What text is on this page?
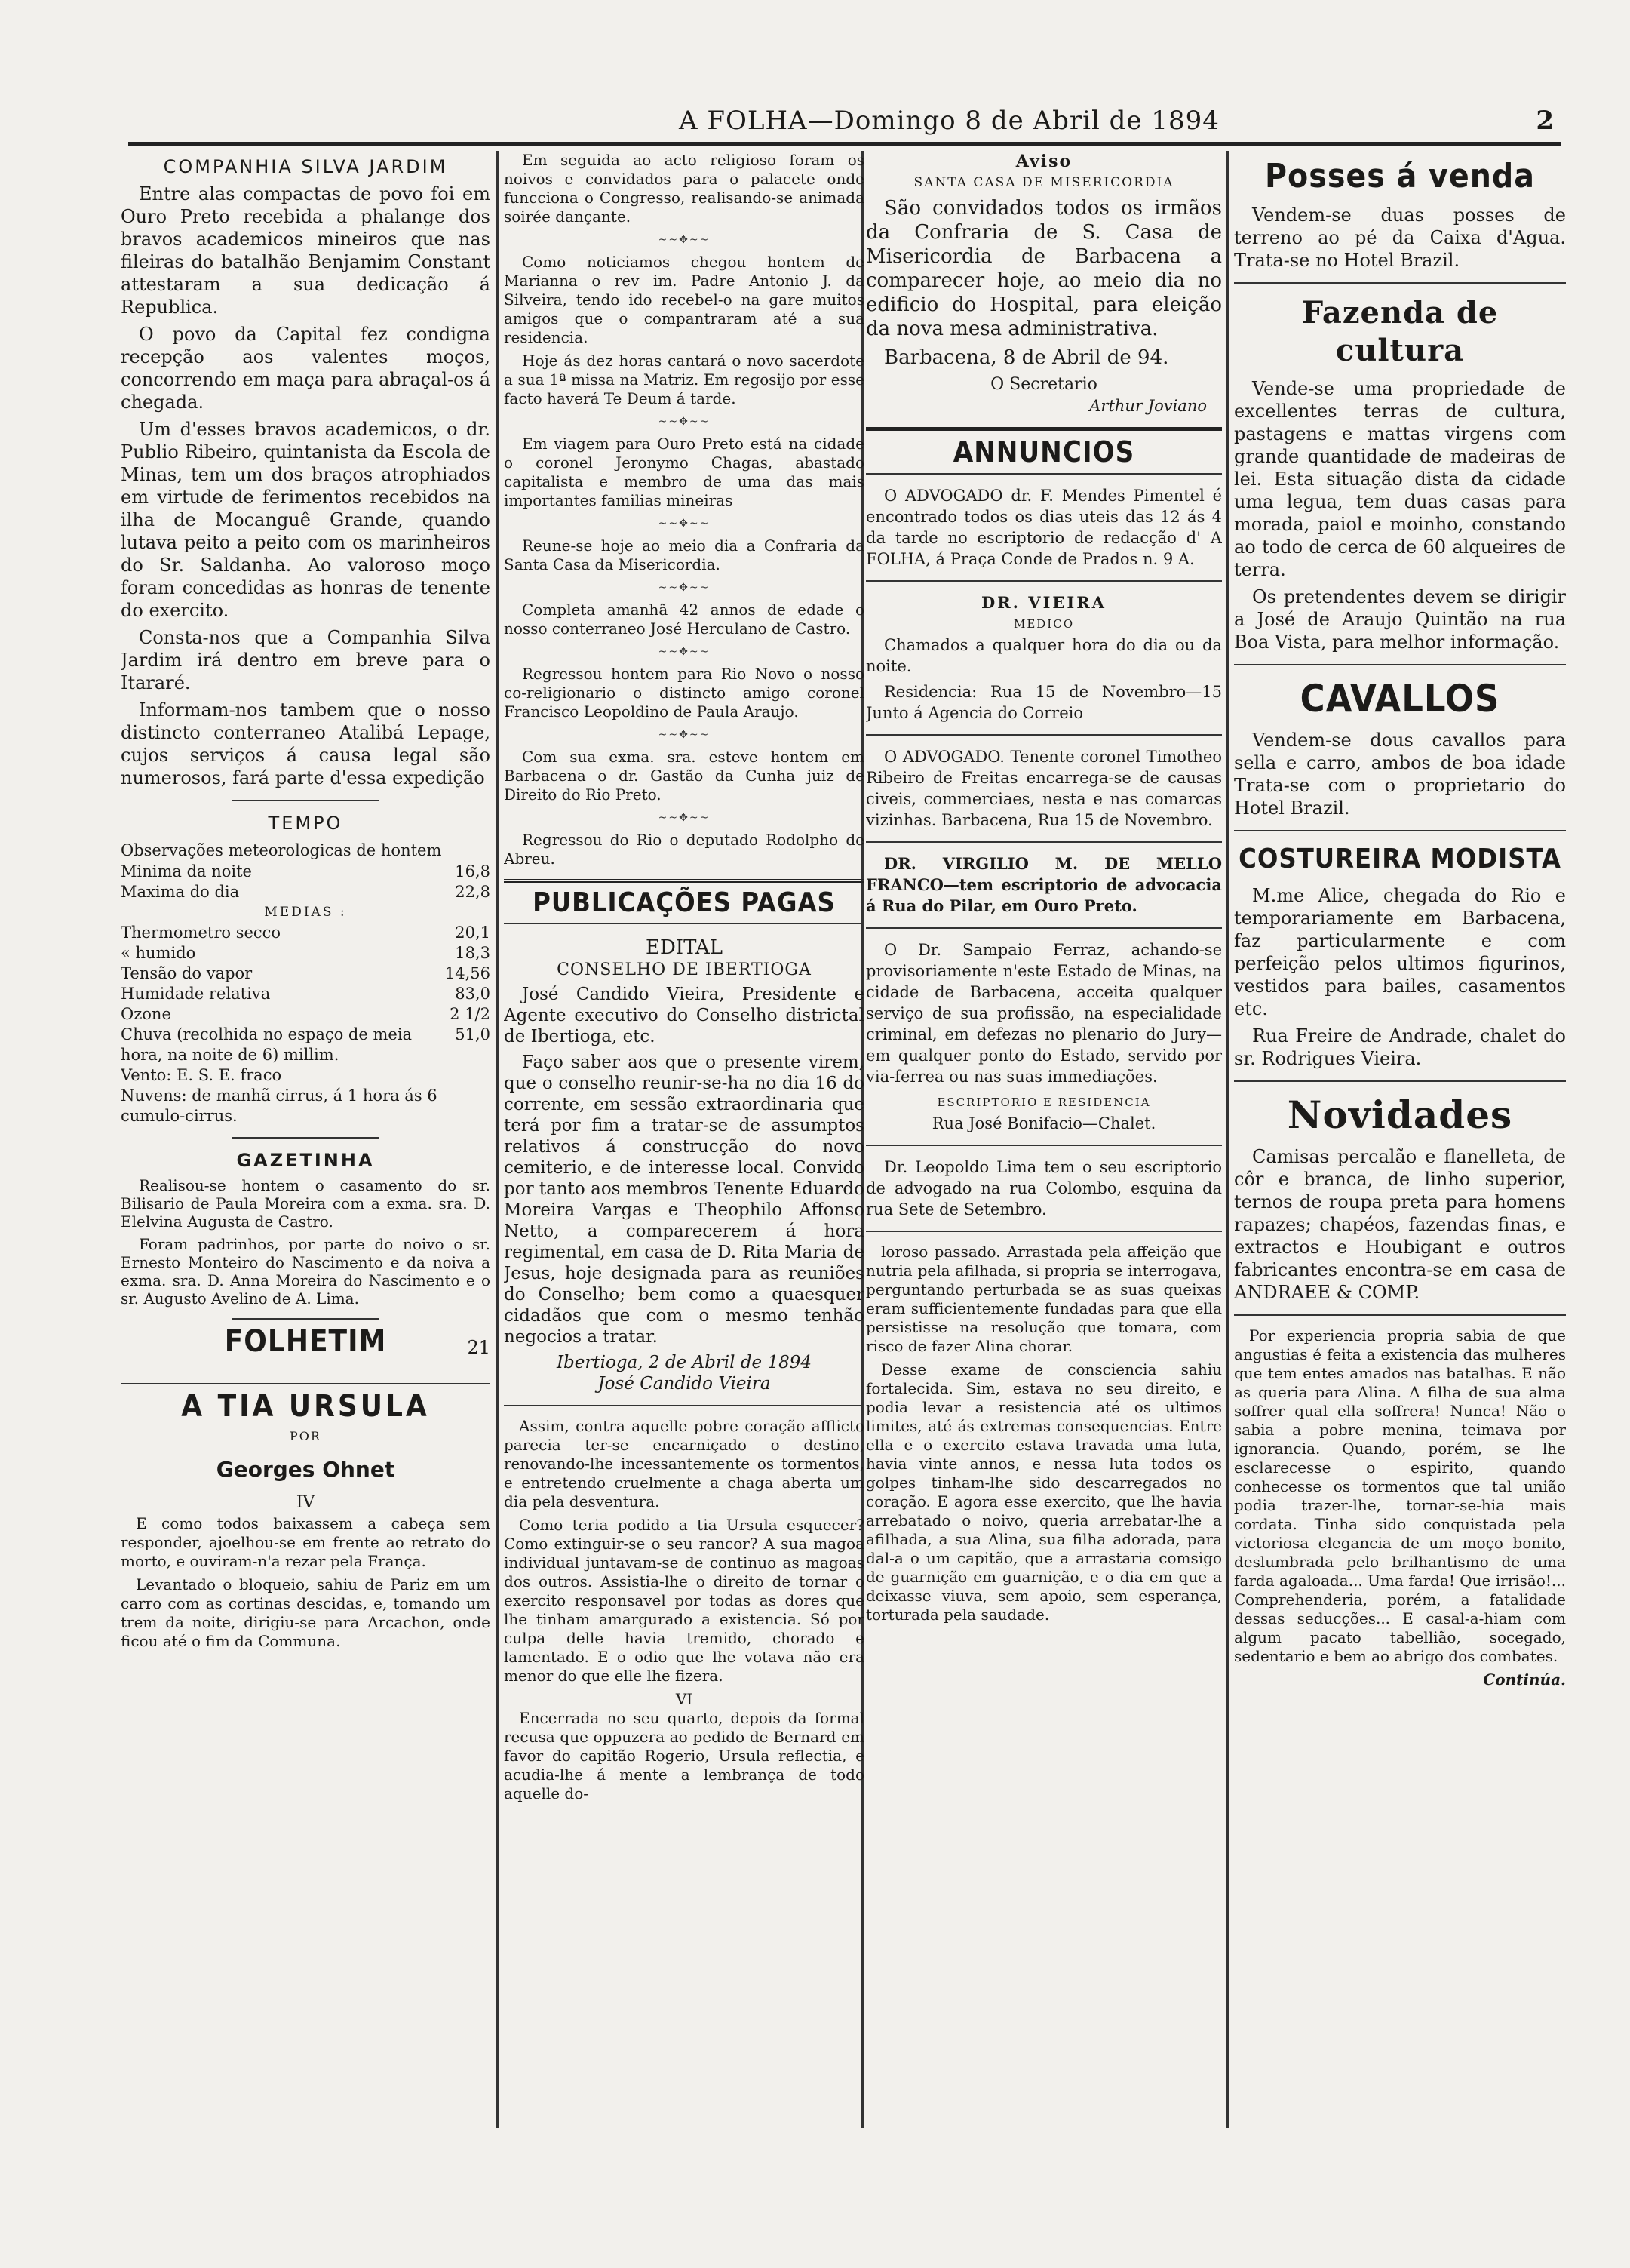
A FOLHA—Domingo 8 de Abril de 1894	2
COMPANHIA SILVA JARDIM

Entre alas compactas de povo foi em Ouro Preto recebida a phalange dos bravos academicos mineiros que nas fileiras do batalhão Benjamim Constant attestaram a sua dedicação á Republica.

O povo da Capital fez condigna recepção aos valentes moços, concorrendo em maça para abraçal-os á chegada.

Um d'esses bravos academicos, o dr. Publio Ribeiro, quintanista da Escola de Minas, tem um dos braços atrophiados em virtude de ferimentos recebidos na ilha de Mocanguê Grande, quando lutava peito a peito com os marinheiros do Sr. Saldanha. Ao valoroso moço foram concedidas as honras de tenente do exercito.

Consta-nos que a Companhia Silva Jardim irá dentro em breve para o Itararé.

Informam-nos tambem que o nosso distincto conterraneo Atalibá Lepage, cujos serviços á causa legal são numerosos, fará parte d'essa expedição

TEMPO
Observações meteorologicas de hontem
Minima da noite	16,8
Maxima do dia	22,8
MEDIAS :	
Thermometro secco	20,1
« humido	18,3
Tensão do vapor	14,56
Humidade relativa	83,0
Ozone	2 1/2
Chuva (recolhida no espaço de meia hora, na noite de 6) millim.	51,0
Vento: E. S. E. fraco
Nuvens: de manhã cirrus, á 1 hora ás 6 cumulo-cirrus.
GAZETINHA

Realisou-se hontem o casamento do sr. Bilisario de Paula Moreira com a exma. sra. D. Elelvina Augusta de Castro.

Foram padrinhos, por parte do noivo o sr. Ernesto Monteiro do Nascimento e da noiva a exma. sra. D. Anna Moreira do Nascimento e o sr. Augusto Avelino de A. Lima.

FOLHETIM	21
A TIA URSULA
POR
Georges Ohnet
IV

E como todos baixassem a cabeça sem responder, ajoelhou-se em frente ao retrato do morto, e ouviram-n'a rezar pela França.

Levantado o bloqueio, sahiu de Pariz em um carro com as cortinas descidas, e, tomando um trem da noite, dirigiu-se para Arcachon, onde ficou até o fim da Communa.

Em seguida ao acto religioso foram os noivos e convidados para o palacete onde funcciona o Congresso, realisando-se animada soirée dançante.

~~✥~~

Como noticiamos chegou hontem de Marianna o rev im. Padre Antonio J. da Silveira, tendo ido recebel-o na gare muitos amigos que o compantraram até a sua residencia.

Hoje ás dez horas cantará o novo sacerdote a sua 1ª missa na Matriz. Em regosijo por esse facto haverá Te Deum á tarde.

~~✥~~

Em viagem para Ouro Preto está na cidade o coronel Jeronymo Chagas, abastado capitalista e membro de uma das mais importantes familias mineiras

~~✥~~

Reune-se hoje ao meio dia a Confraria da Santa Casa da Misericordia.

~~✥~~

Completa amanhã 42 annos de edade o nosso conterraneo José Herculano de Castro.

~~✥~~

Regressou hontem para Rio Novo o nosso co-religionario o distincto amigo coronel Francisco Leopoldino de Paula Araujo.

~~✥~~

Com sua exma. sra. esteve hontem em Barbacena o dr. Gastão da Cunha juiz de Direito do Rio Preto.

~~✥~~

Regressou do Rio o deputado Rodolpho de Abreu.

PUBLICAÇÕES PAGAS
EDITAL
CONSELHO DE IBERTIOGA

José Candido Vieira, Presidente e Agente executivo do Conselho districtal de Ibertioga, etc.

Faço saber aos que o presente virem, que o conselho reunir-se-ha no dia 16 do corrente, em sessão extraordinaria que terá por fim a tratar-se de assumptos relativos á construcção do novo cemiterio, e de interesse local. Convido por tanto aos membros Tenente Eduardo Moreira Vargas e Theophilo Affonso Netto, a comparecerem á hora regimental, em casa de D. Rita Maria de Jesus, hoje designada para as reuniões do Conselho; bem como a quaesquer cidadãos que com o mesmo tenhão negocios a tratar.

Ibertioga, 2 de Abril de 1894
José Candido Vieira

Assim, contra aquelle pobre coração afflicto parecia ter-se encarniçado o destino, renovando-lhe incessantemente os tormentos, e entretendo cruelmente a chaga aberta um dia pela desventura.

Como teria podido a tia Ursula esquecer? Como extinguir-se o seu rancor? A sua magoa individual juntavam-se de continuo as magoas dos outros. Assistia-lhe o direito de tornar o exercito responsavel por todas as dores que lhe tinham amargurado a existencia. Só por culpa delle havia tremido, chorado e lamentado. E o odio que lhe votava não era menor do que elle lhe fizera.

VI

Encerrada no seu quarto, depois da formal recusa que oppuzera ao pedido de Bernard em favor do capitão Rogerio, Ursula reflectia, e acudia-lhe á mente a lembrança de todo aquelle do-

Aviso
SANTA CASA DE MISERICORDIA

São convidados todos os irmãos da Confraria de S. Casa de Misericordia de Barbacena a comparecer hoje, ao meio dia no edificio do Hospital, para eleição da nova mesa administrativa.

Barbacena, 8 de Abril de 94.

O Secretario
Arthur Joviano
ANNUNCIOS

O ADVOGADO dr. F. Mendes Pimentel é encontrado todos os dias uteis das 12 ás 4 da tarde no escriptorio de redacção d' A FOLHA, á Praça Conde de Prados n. 9 A.

DR. VIEIRA
MEDICO

Chamados a qualquer hora do dia ou da noite.

Residencia: Rua 15 de Novembro—15 Junto á Agencia do Correio

O ADVOGADO. Tenente coronel Timotheo Ribeiro de Freitas encarrega-se de causas civeis, commerciaes, nesta e nas comarcas vizinhas. Barbacena, Rua 15 de Novembro.

DR. VIRGILIO M. DE MELLO FRANCO—tem escriptorio de advocacia á Rua do Pilar, em Ouro Preto.

O Dr. Sampaio Ferraz, achando-se provisoriamente n'este Estado de Minas, na cidade de Barbacena, acceita qualquer serviço de sua profissão, na especialidade criminal, em defezas no plenario do Jury—em qualquer ponto do Estado, servido por via-ferrea ou nas suas immediações.

ESCRIPTORIO E RESIDENCIA
Rua José Bonifacio—Chalet.

Dr. Leopoldo Lima tem o seu escriptorio de advogado na rua Colombo, esquina da rua Sete de Setembro.

loroso passado. Arrastada pela affeição que nutria pela afilhada, si propria se interrogava, perguntando perturbada se as suas queixas eram sufficientemente fundadas para que ella persistisse na resolução que tomara, com risco de fazer Alina chorar.

Desse exame de consciencia sahiu fortalecida. Sim, estava no seu direito, e podia levar a resistencia até os ultimos limites, até ás extremas consequencias. Entre ella e o exercito estava travada uma luta, havia vinte annos, e nessa luta todos os golpes tinham-lhe sido descarregados no coração. E agora esse exercito, que lhe havia arrebatado o noivo, queria arrebatar-lhe a afilhada, a sua Alina, sua filha adorada, para dal-a o um capitão, que a arrastaria comsigo de guarnição em guarnição, e o dia em que a deixasse viuva, sem apoio, sem esperança, torturada pela saudade.

Posses á venda

Vendem-se duas posses de terreno ao pé da Caixa d'Agua. Trata-se no Hotel Brazil.

Fazenda de cultura

Vende-se uma propriedade de excellentes terras de cultura, pastagens e mattas virgens com grande quantidade de madeiras de lei. Esta situação dista da cidade uma legua, tem duas casas para morada, paiol e moinho, constando ao todo de cerca de 60 alqueires de terra.

Os pretendentes devem se dirigir a José de Araujo Quintão na rua Boa Vista, para melhor informação.

CAVALLOS

Vendem-se dous cavallos para sella e carro, ambos de boa idade Trata-se com o proprietario do Hotel Brazil.

COSTUREIRA MODISTA

M.me Alice, chegada do Rio e temporariamente em Barbacena, faz particularmente e com perfeição pelos ultimos figurinos, vestidos para bailes, casamentos etc.

Rua Freire de Andrade, chalet do sr. Rodrigues Vieira.

Novidades

Camisas percalão e flanelleta, de côr e branca, de linho superior, ternos de roupa preta para homens rapazes; chapéos, fazendas finas, e extractos e Houbigant e outros fabricantes encontra-se em casa de ANDRAEE & COMP.

Por experiencia propria sabia de que angustias é feita a existencia das mulheres que tem entes amados nas batalhas. E não as queria para Alina. A filha de sua alma soffrer qual ella soffrera! Nunca! Não o sabia a pobre menina, teimava por ignorancia. Quando, porém, se lhe esclarecesse o espirito, quando conhecesse os tormentos que tal união podia trazer-lhe, tornar-se-hia mais cordata. Tinha sido conquistada pela victoriosa elegancia de um moço bonito, deslumbrada pelo brilhantismo de uma farda agaloada... Uma farda! Que irrisão!... Comprehenderia, porém, a fatalidade dessas seducções... E casal-a-hiam com algum pacato tabellião, socegado, sedentario e bem ao abrigo dos combates.

Continúa.
